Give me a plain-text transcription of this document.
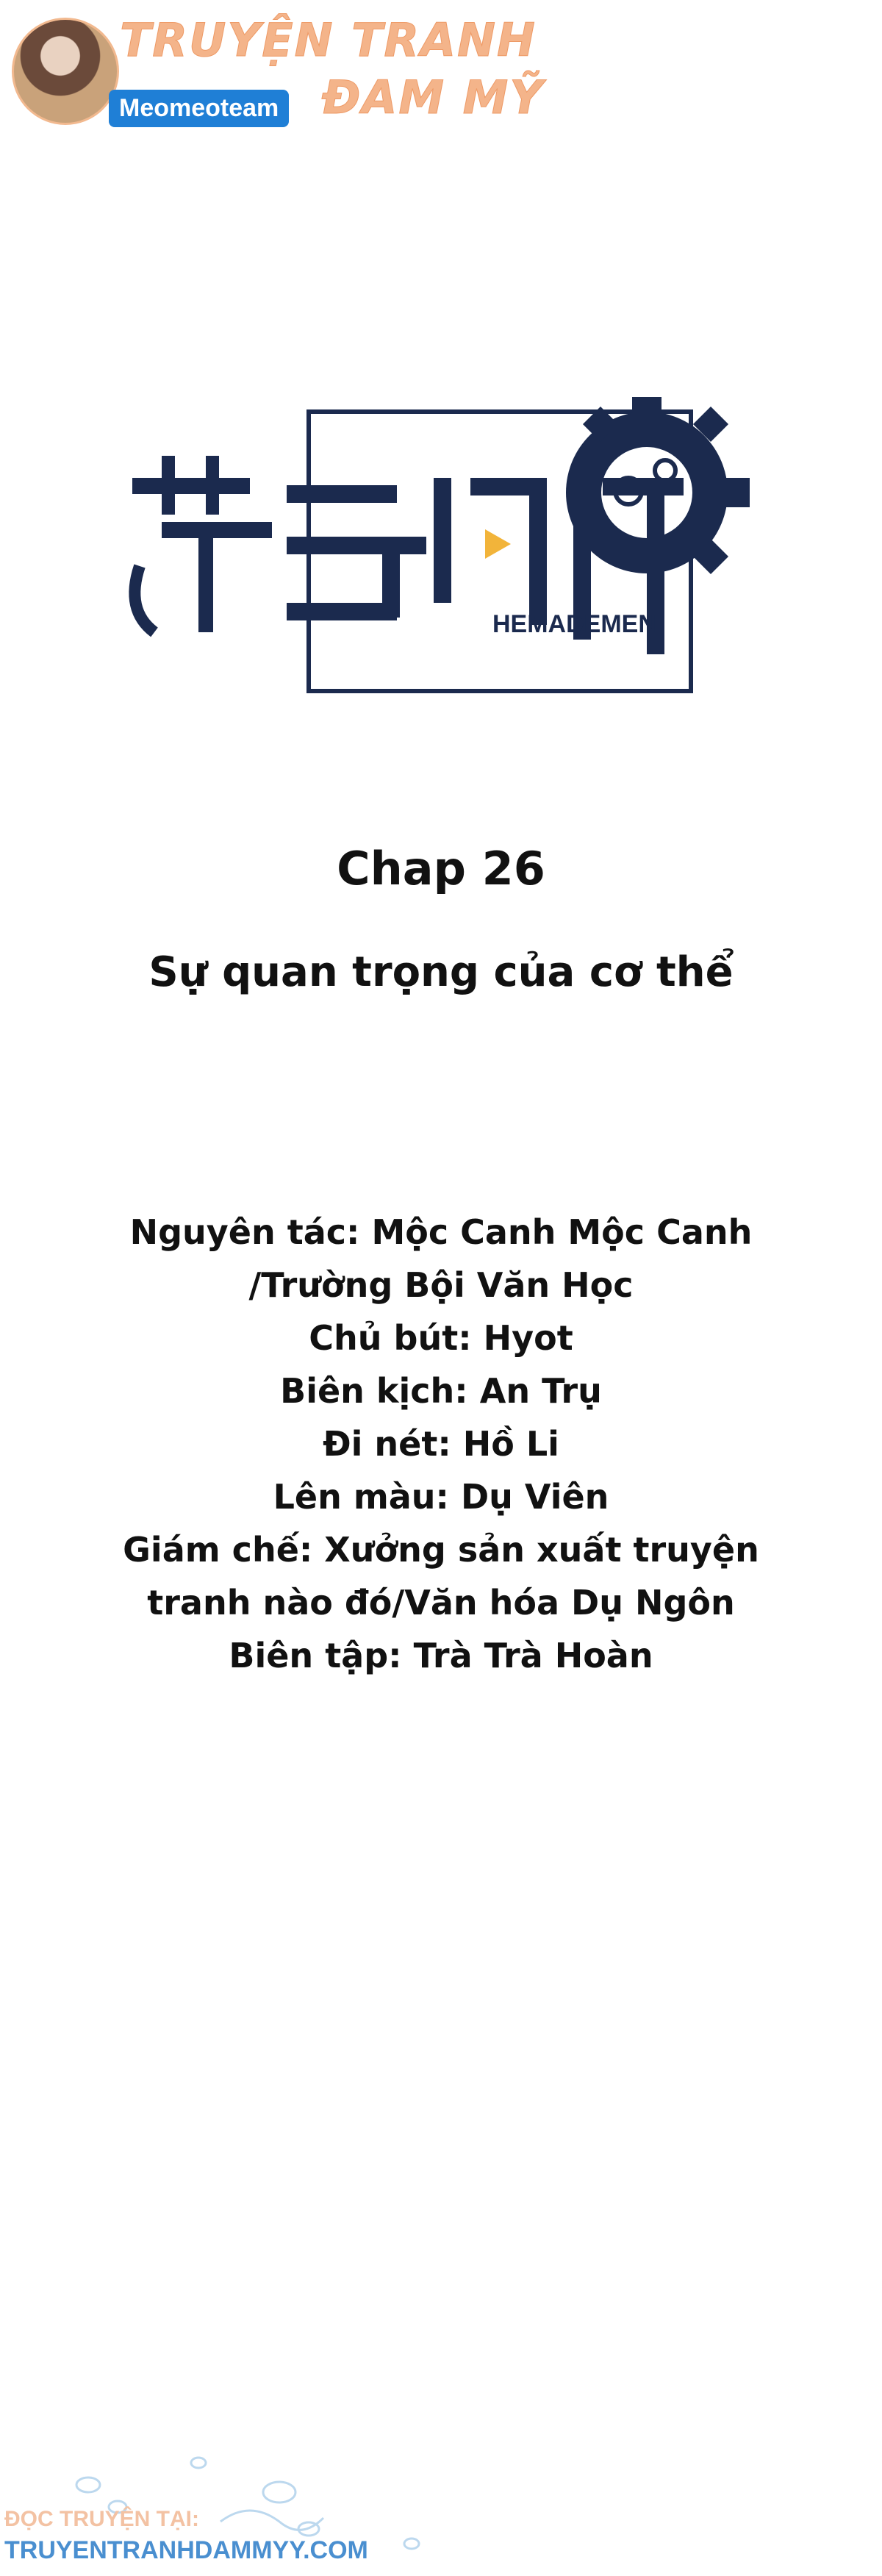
TRUYỆN TRANH
ĐAM MỸ
Meomeoteam
HEMADEMEN
Chap 26
Sự quan trọng của cơ thể
Nguyên tác: Mộc Canh Mộc Canh
/Trường Bội Văn Học
Chủ bút: Hyot
Biên kịch: An Trụ
Đi nét: Hồ Li
Lên màu: Dụ Viên
Giám chế: Xưởng sản xuất truyện
tranh nào đó/Văn hóa Dụ Ngôn
Biên tập: Trà Trà Hoàn
ĐỌC TRUYỆN TẠI:
TRUYENTRANHDAMMYY.COM
